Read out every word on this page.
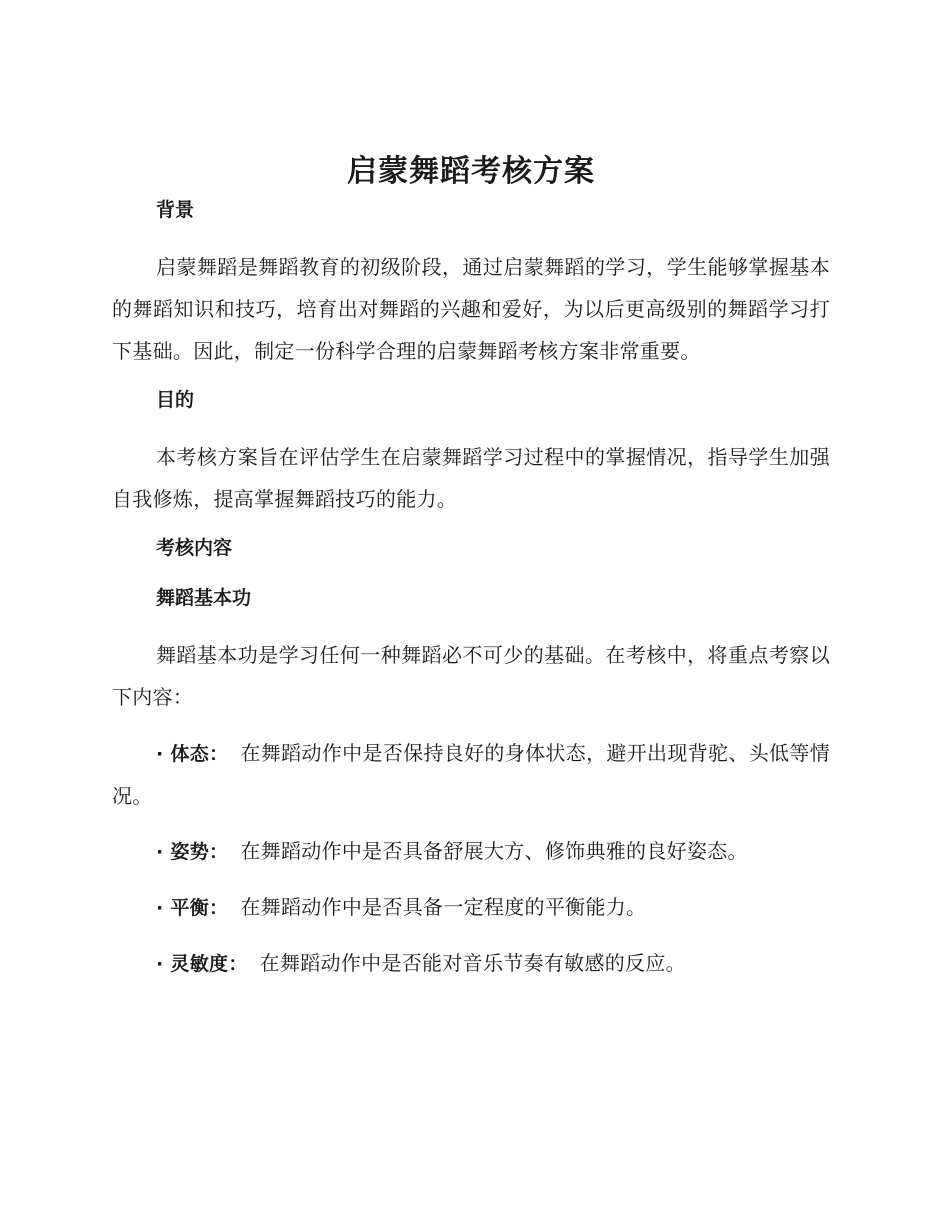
启蒙舞蹈考核方案
背景

启蒙舞蹈是舞蹈教育的初级阶段，通过启蒙舞蹈的学习，学生能够掌握基本的舞蹈知识和技巧，培育出对舞蹈的兴趣和爱好，为以后更高级别的舞蹈学习打下基础。因此，制定一份科学合理的启蒙舞蹈考核方案非常重要。

目的

本考核方案旨在评估学生在启蒙舞蹈学习过程中的掌握情况，指导学生加强自我修炼，提高掌握舞蹈技巧的能力。

考核内容
舞蹈基本功

舞蹈基本功是学习任何一种舞蹈必不可少的基础。在考核中，将重点考察以下内容：

· 体态： 在舞蹈动作中是否保持良好的身体状态，避开出现背驼、头低等情况。

· 姿势： 在舞蹈动作中是否具备舒展大方、修饰典雅的良好姿态。

· 平衡： 在舞蹈动作中是否具备一定程度的平衡能力。

· 灵敏度： 在舞蹈动作中是否能对音乐节奏有敏感的反应。
